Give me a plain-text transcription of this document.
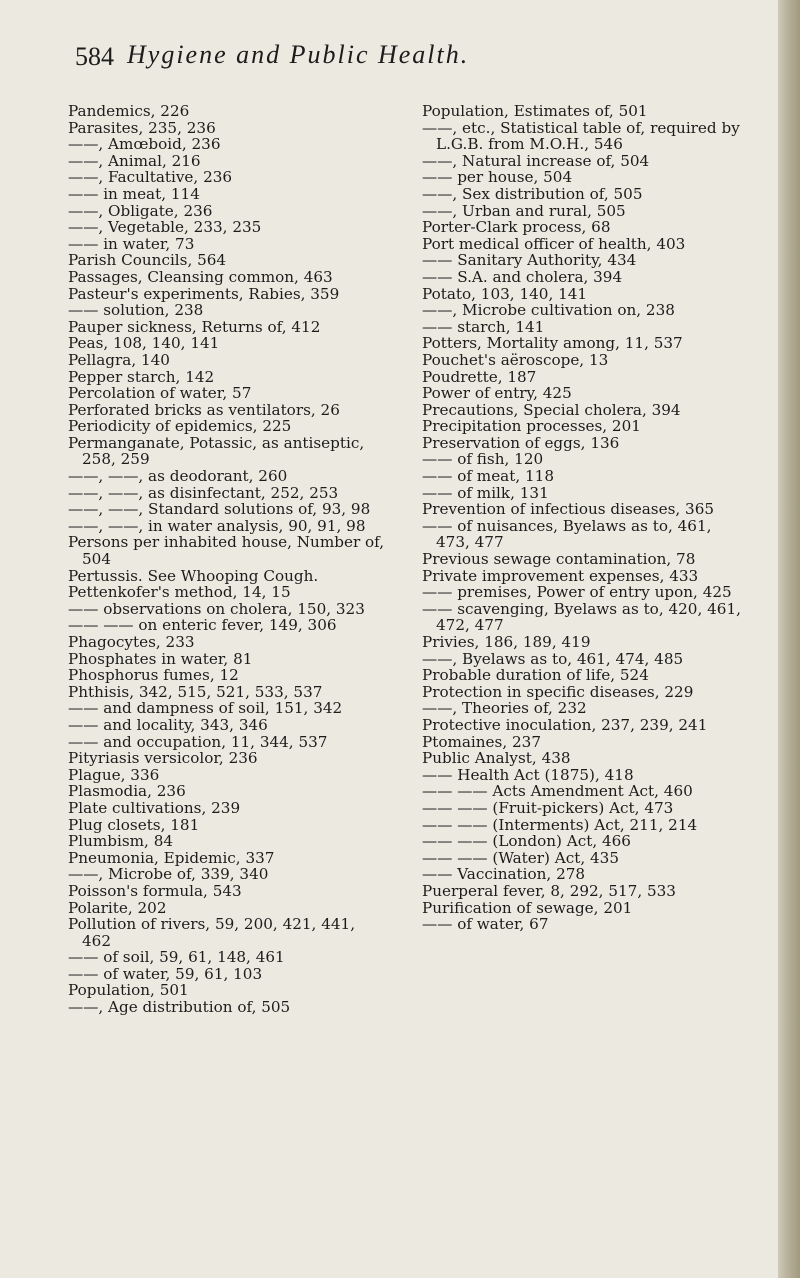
584 Hygiene and Public Health.

Pandemics, 226

Parasites, 235, 236

——, Amœboid, 236

——, Animal, 216

——, Facultative, 236

—— in meat, 114

——, Obligate, 236

——, Vegetable, 233, 235

—— in water, 73

Parish Councils, 564

Passages, Cleansing common, 463

Pasteur's experiments, Rabies, 359

—— solution, 238

Pauper sickness, Returns of, 412

Peas, 108, 140, 141

Pellagra, 140

Pepper starch, 142

Percolation of water, 57

Perforated bricks as ventilators, 26

Periodicity of epidemics, 225

Permanganate, Potassic, as antiseptic, 258, 259

——, ——, as deodorant, 260

——, ——, as disinfectant, 252, 253

——, ——, Standard solutions of, 93, 98

——, ——, in water analysis, 90, 91, 98

Persons per inhabited house, Number of, 504

Pertussis. See Whooping Cough.

Pettenkofer's method, 14, 15

—— observations on cholera, 150, 323

—— —— on enteric fever, 149, 306

Phagocytes, 233

Phosphates in water, 81

Phosphorus fumes, 12

Phthisis, 342, 515, 521, 533, 537

—— and dampness of soil, 151, 342

—— and locality, 343, 346

—— and occupation, 11, 344, 537

Pityriasis versicolor, 236

Plague, 336

Plasmodia, 236

Plate cultivations, 239

Plug closets, 181

Plumbism, 84

Pneumonia, Epidemic, 337

——, Microbe of, 339, 340

Poisson's formula, 543

Polarite, 202

Pollution of rivers, 59, 200, 421, 441, 462

—— of soil, 59, 61, 148, 461

—— of water, 59, 61, 103

Population, 501

——, Age distribution of, 505

Population, Estimates of, 501

——, etc., Statistical table of, required by L.G.B. from M.O.H., 546

——, Natural increase of, 504

—— per house, 504

——, Sex distribution of, 505

——, Urban and rural, 505

Porter-Clark process, 68

Port medical officer of health, 403

—— Sanitary Authority, 434

—— S.A. and cholera, 394

Potato, 103, 140, 141

——, Microbe cultivation on, 238

—— starch, 141

Potters, Mortality among, 11, 537

Pouchet's aëroscope, 13

Poudrette, 187

Power of entry, 425

Precautions, Special cholera, 394

Precipitation processes, 201

Preservation of eggs, 136

—— of fish, 120

—— of meat, 118

—— of milk, 131

Prevention of infectious diseases, 365

—— of nuisances, Byelaws as to, 461, 473, 477

Previous sewage contamination, 78

Private improvement expenses, 433

—— premises, Power of entry upon, 425

—— scavenging, Byelaws as to, 420, 461, 472, 477

Privies, 186, 189, 419

——, Byelaws as to, 461, 474, 485

Probable duration of life, 524

Protection in specific diseases, 229

——, Theories of, 232

Protective inoculation, 237, 239, 241

Ptomaines, 237

Public Analyst, 438

—— Health Act (1875), 418

—— —— Acts Amendment Act, 460

—— —— (Fruit-pickers) Act, 473

—— —— (Interments) Act, 211, 214

—— —— (London) Act, 466

—— —— (Water) Act, 435

—— Vaccination, 278

Puerperal fever, 8, 292, 517, 533

Purification of sewage, 201

—— of water, 67
